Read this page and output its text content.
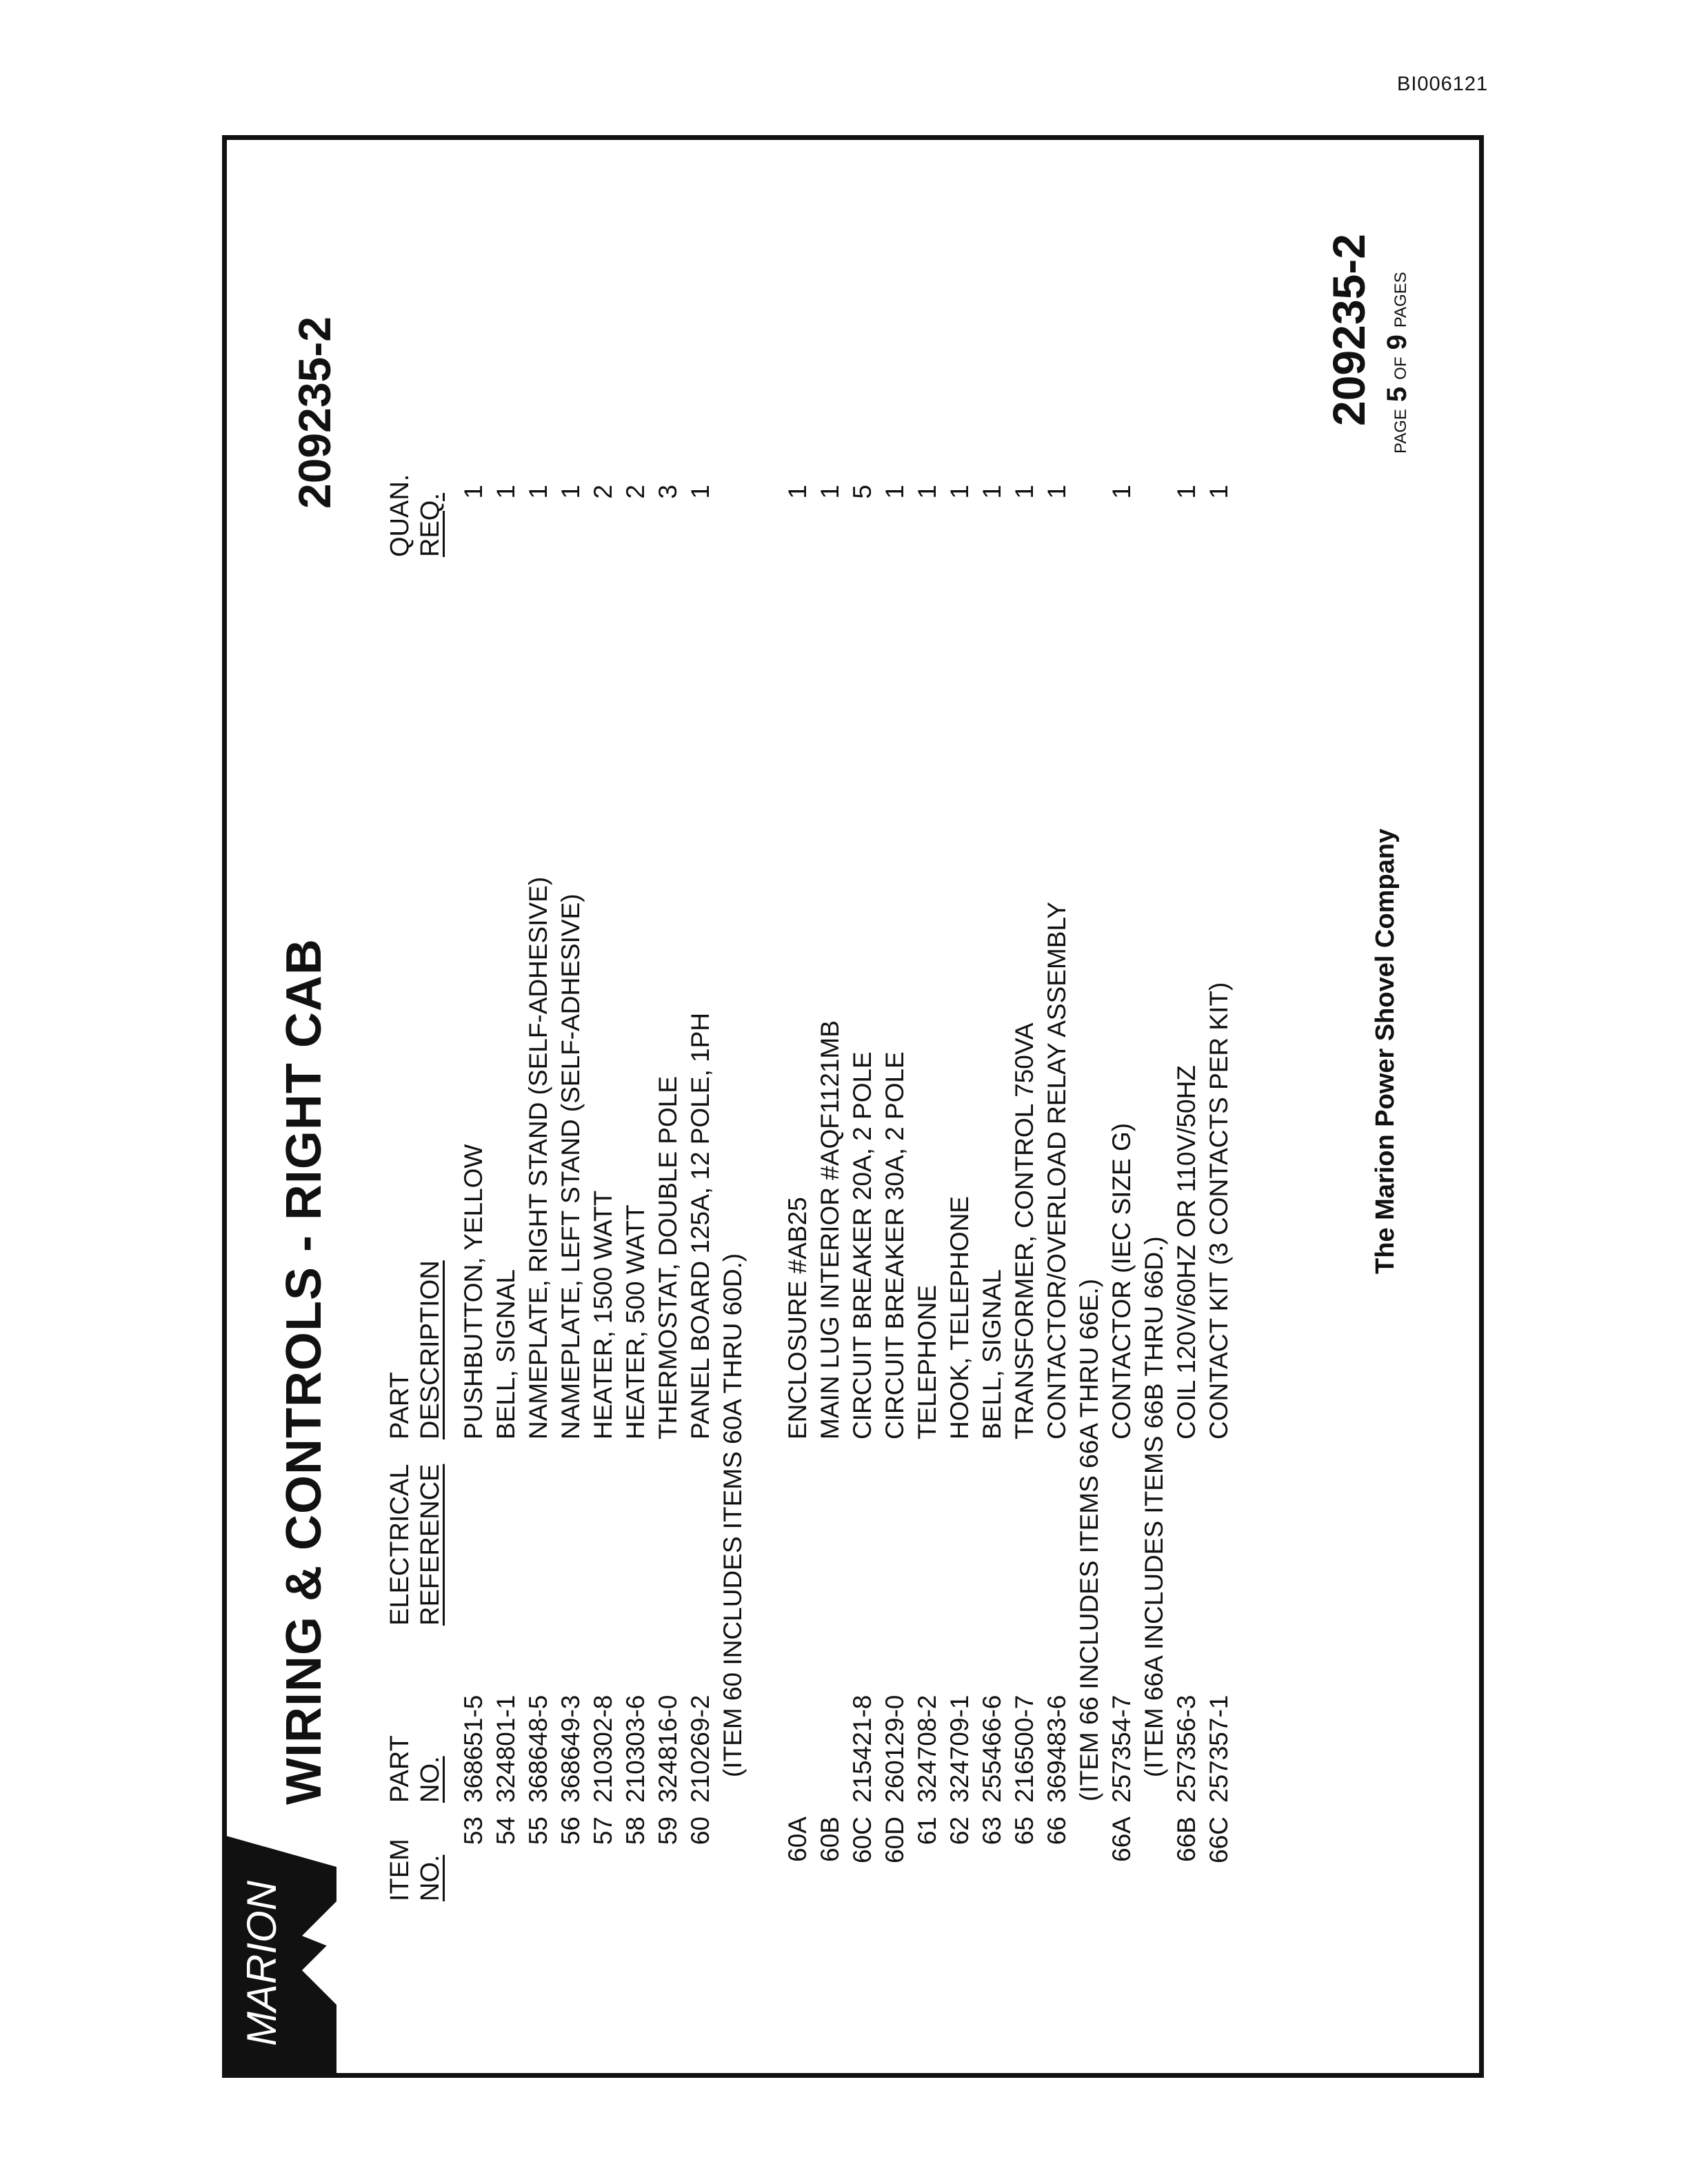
BI006121
MARION
WIRING & CONTROLS - RIGHT CAB
209235-2
ITEM NO.
PART NO.
ELECTRICAL REFERENCE
PART DESCRIPTION
QUAN. REQ.
53
368651-5
PUSHBUTTON, YELLOW
1
54
324801-1
BELL, SIGNAL
1
55
368648-5
NAMEPLATE, RIGHT STAND (SELF-ADHESIVE)
1
56
368649-3
NAMEPLATE, LEFT STAND (SELF-ADHESIVE)
1
57
210302-8
HEATER, 1500 WATT
2
58
210303-6
HEATER, 500 WATT
2
59
324816-0
THERMOSTAT, DOUBLE POLE
3
60
210269-2
PANEL BOARD 125A, 12 POLE, 1PH
1
(ITEM 60 INCLUDES ITEMS 60A THRU 60D.)
60A
ENCLOSURE #AB25
1
60B
MAIN LUG INTERIOR #AQF1121MB
1
60C
215421-8
CIRCUIT BREAKER 20A, 2 POLE
5
60D
260129-0
CIRCUIT BREAKER 30A, 2 POLE
1
61
324708-2
TELEPHONE
1
62
324709-1
HOOK, TELEPHONE
1
63
255466-6
BELL, SIGNAL
1
65
216500-7
TRANSFORMER, CONTROL 750VA
1
66
369483-6
CONTACTOR/OVERLOAD RELAY ASSEMBLY
1
(ITEM 66 INCLUDES ITEMS 66A THRU 66E.)
66A
257354-7
CONTACTOR (IEC SIZE G)
1
(ITEM 66A INCLUDES ITEMS 66B THRU 66D.)
66B
257356-3
COIL 120V/60HZ OR 110V/50HZ
1
66C
257357-1
CONTACT KIT (3 CONTACTS PER KIT)
1
The Marion Power Shovel Company
209235-2
PAGE5OF9PAGES
